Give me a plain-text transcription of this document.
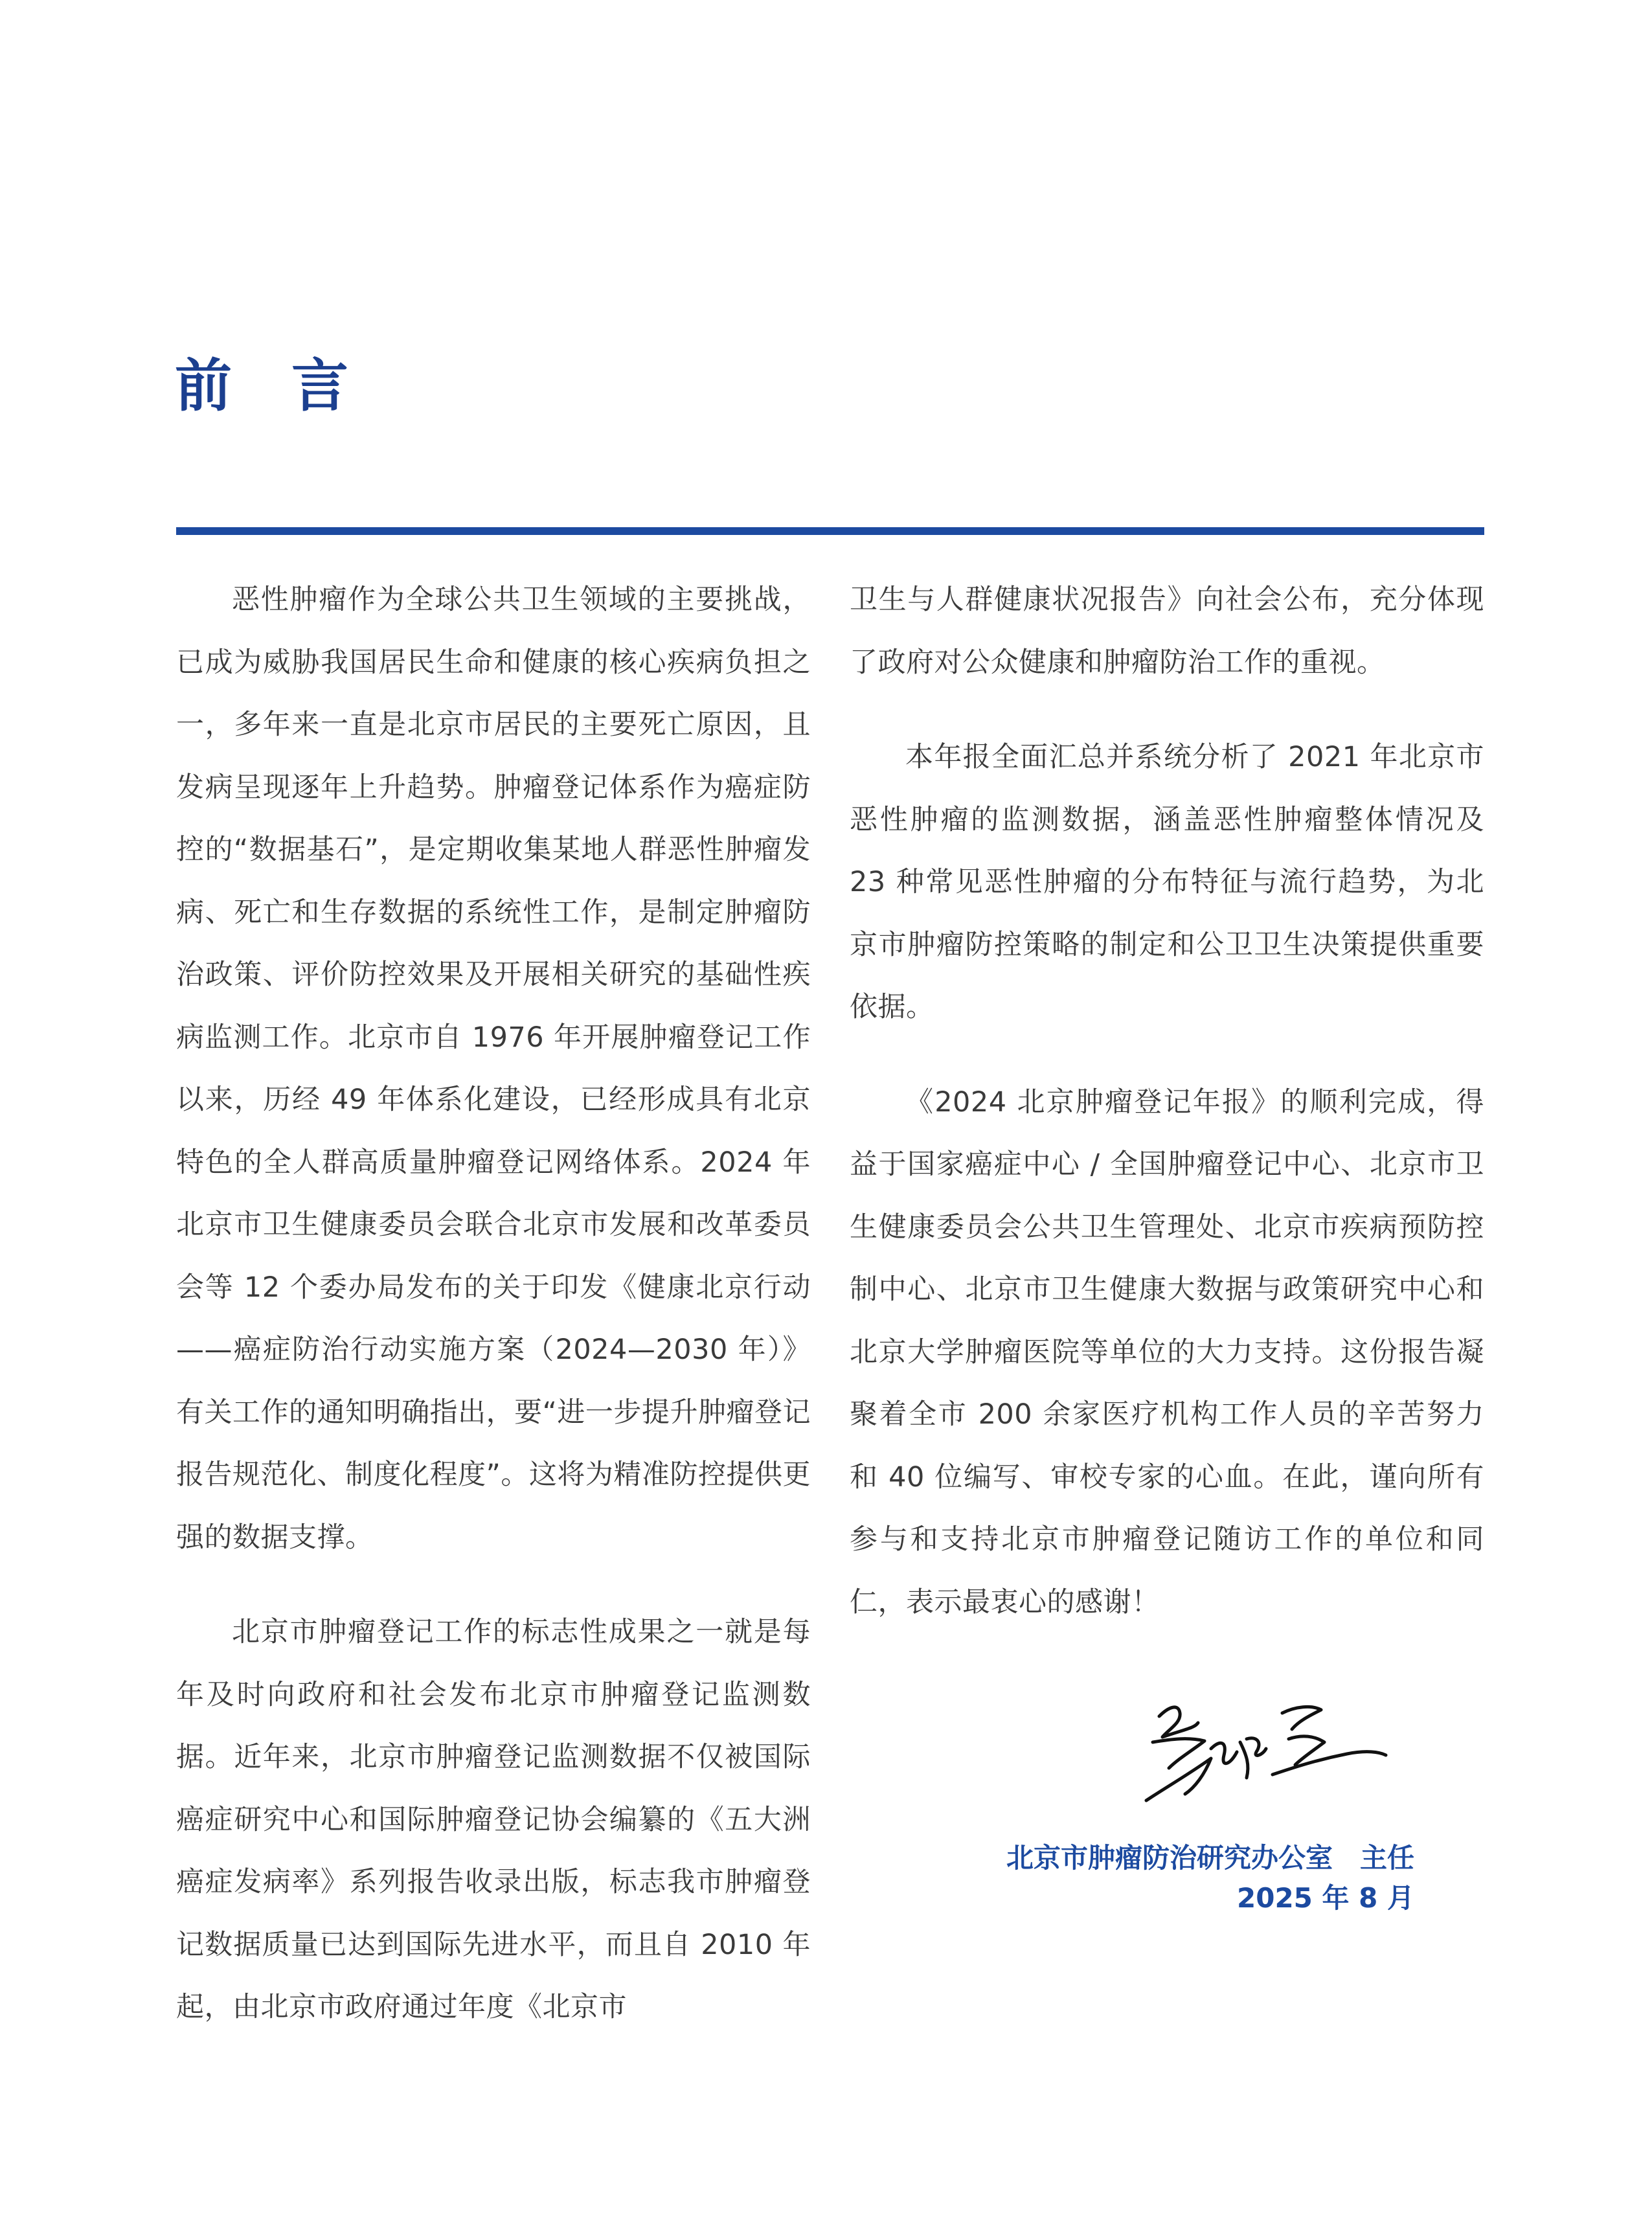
前言

恶性肿瘤作为全球公共卫生领域的主要挑战，已成为威胁我国居民生命和健康的核心疾病负担之一，多年来一直是北京市居民的主要死亡原因，且发病呈现逐年上升趋势。肿瘤登记体系作为癌症防控的“数据基石”，是定期收集某地人群恶性肿瘤发病、死亡和生存数据的系统性工作，是制定肿瘤防治政策、评价防控效果及开展相关研究的基础性疾病监测工作。北京市自 1976 年开展肿瘤登记工作以来，历经 49 年体系化建设，已经形成具有北京特色的全人群高质量肿瘤登记网络体系。2024 年北京市卫生健康委员会联合北京市发展和改革委员会等 12 个委办局发布的关于印发《健康北京行动——癌症防治行动实施方案（2024—2030 年）》有关工作的通知明确指出，要“进一步提升肿瘤登记报告规范化、制度化程度”。这将为精准防控提供更强的数据支撑。

北京市肿瘤登记工作的标志性成果之一就是每年及时向政府和社会发布北京市肿瘤登记监测数据。近年来，北京市肿瘤登记监测数据不仅被国际癌症研究中心和国际肿瘤登记协会编纂的《五大洲癌症发病率》系列报告收录出版，标志我市肿瘤登记数据质量已达到国际先进水平，而且自 2010 年起，由北京市政府通过年度《北京市

卫生与人群健康状况报告》向社会公布，充分体现了政府对公众健康和肿瘤防治工作的重视。

本年报全面汇总并系统分析了 2021 年北京市恶性肿瘤的监测数据，涵盖恶性肿瘤整体情况及 23 种常见恶性肿瘤的分布特征与流行趋势，为北京市肿瘤防控策略的制定和公卫卫生决策提供重要依据。

《2024 北京肿瘤登记年报》的顺利完成，得益于国家癌症中心 / 全国肿瘤登记中心、北京市卫生健康委员会公共卫生管理处、北京市疾病预防控制中心、北京市卫生健康大数据与政策研究中心和北京大学肿瘤医院等单位的大力支持。这份报告凝聚着全市 200 余家医疗机构工作人员的辛苦努力和 40 位编写、审校专家的心血。在此，谨向所有参与和支持北京市肿瘤登记随访工作的单位和同仁，表示最衷心的感谢！

北京市肿瘤防治研究办公室　主任
2025 年 8 月
